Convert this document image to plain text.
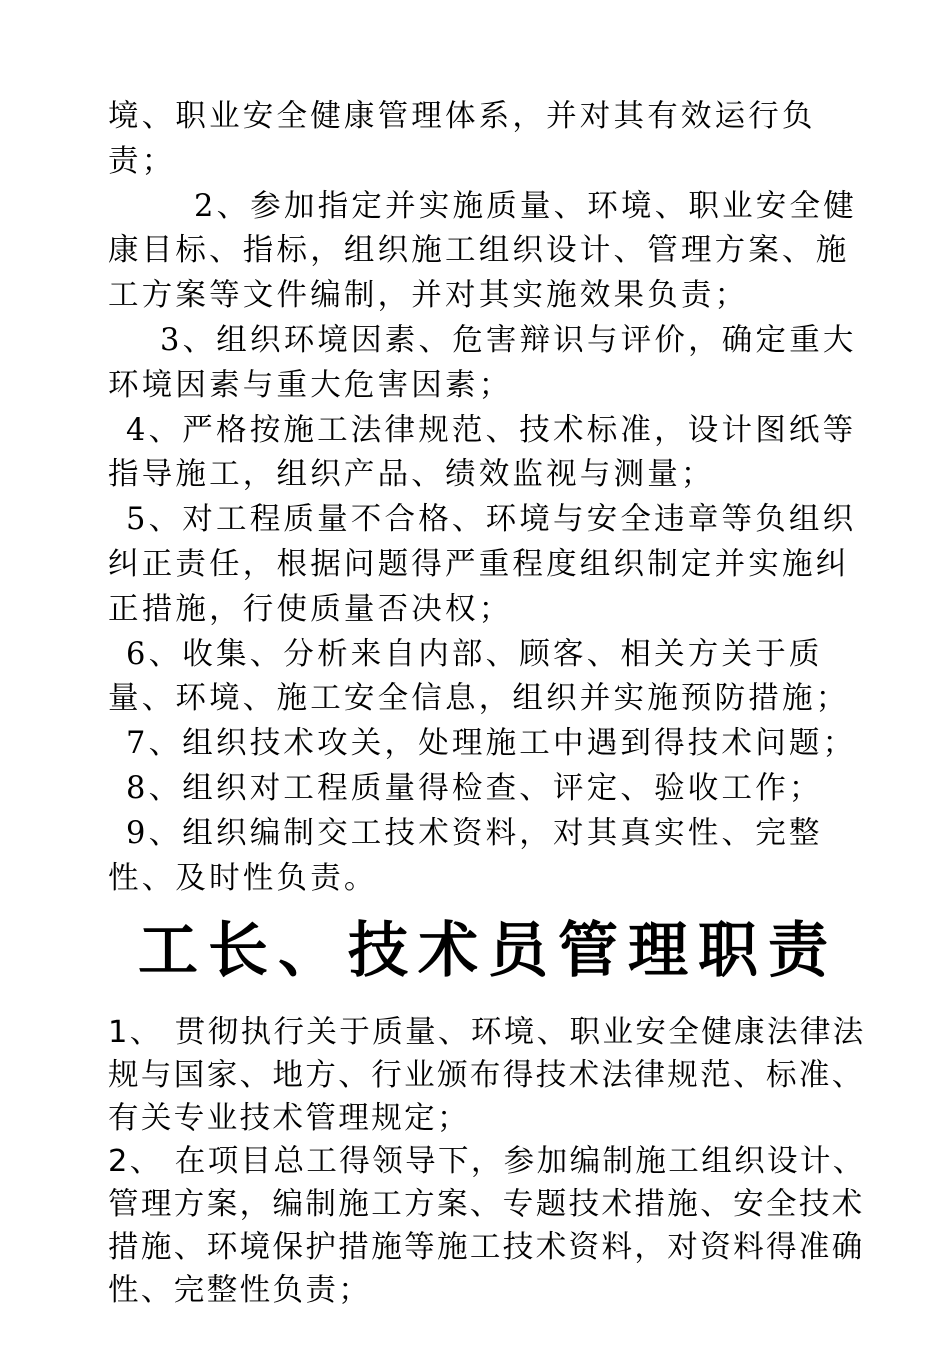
境、职业安全健康管理体系，并对其有效运行负责；

2、参加指定并实施质量、环境、职业安全健康目标、指标，组织施工组织设计、管理方案、施工方案等文件编制，并对其实施效果负责；

3、组织环境因素、危害辩识与评价，确定重大环境因素与重大危害因素；

4、严格按施工法律规范、技术标准，设计图纸等指导施工，组织产品、绩效监视与测量；

5、对工程质量不合格、环境与安全违章等负组织纠正责任，根据问题得严重程度组织制定并实施纠正措施，行使质量否决权；

6、收集、分析来自内部、顾客、相关方关于质量、环境、施工安全信息，组织并实施预防措施；

7、组织技术攻关，处理施工中遇到得技术问题；

8、组织对工程质量得检查、评定、验收工作；

9、组织编制交工技术资料，对其真实性、完整性、及时性负责。

工长、技术员管理职责

1、 贯彻执行关于质量、环境、职业安全健康法律法规与国家、地方、行业颁布得技术法律规范、标准、有关专业技术管理规定；

2、 在项目总工得领导下，参加编制施工组织设计、管理方案，编制施工方案、专题技术措施、安全技术措施、环境保护措施等施工技术资料，对资料得准确性、完整性负责；
